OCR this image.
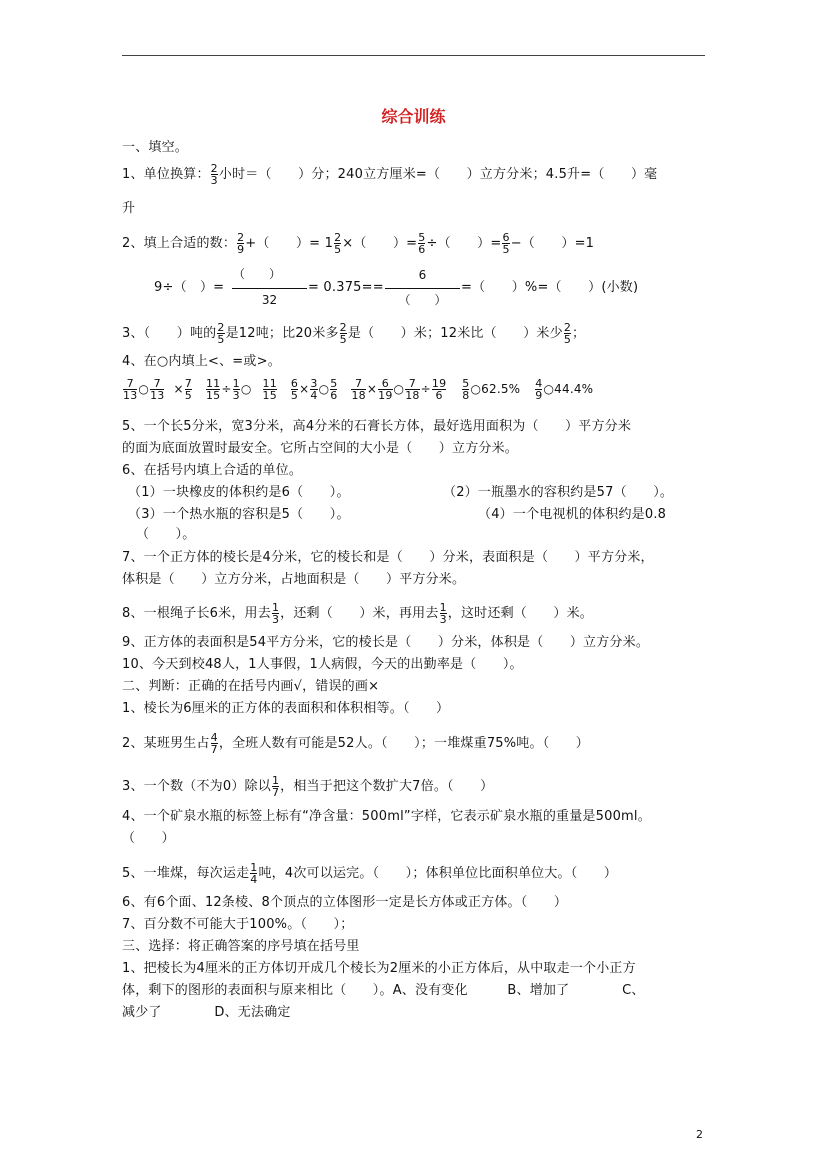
综合训练
一、填空。
1、单位换算： $\frac{2}{3}$ 小时＝（　　）分；240立方厘米=（　　）立方分米；4.5升=（　　）毫
升
2、填上合适的数： $\frac{2}{9}$ +（　　）= $1 \frac{2}{5}$ ×（　　）= $\frac{5}{6}$ ÷（　　）= $\frac{6}{5}$ −（　　）=1
9÷（　）=
（　　）
32
= 0.375==
6
（　　）
=（　　）%=（　　）(小数)
3、（　　）吨的 $\frac{2}{5}$ 是12吨；比20米多 $\frac{2}{5}$ 是（　　）米；12米比（　　）米少 $\frac{2}{5}$ ；
4、在○内填上<、=或>。
$\frac{7}{13}$ ○ $\frac{7}{13} \times \frac{7}{5} \frac{11}{15} \div \frac{1}{3}$ ○ $\frac{11}{15} \frac{6}{5} \times \frac{3}{4}$ ○ $\frac{5}{6} \frac{7}{18} \times \frac{6}{19}$ ○ $\frac{7}{18} \div \frac{19}{6} \frac{5}{8}$ ○62.5% $\frac{4}{9}$ ○44.4%
5、一个长5分米，宽3分米，高4分米的石膏长方体，最好选用面积为（　　）平方分米
的面为底面放置时最安全。它所占空间的大小是（　　）立方分米。
6、在括号内填上合适的单位。
（1）一块橡皮的体积约是6（　　）。	（2）一瓶墨水的容积约是57（　　）。
（3）一个热水瓶的容积是5（　　）。	（4）一个电视机的体积约是0.8
（　　）。
7、一个正方体的棱长是4分米，它的棱长和是（　　）分米，表面积是（　　）平方分米，
体积是（　　）立方分米，占地面积是（　　）平方分米。
8、一根绳子长6米，用去 $\frac{1}{3}$ ，还剩（　　）米，再用去 $\frac{1}{3}$ ，这时还剩（　　）米。
9、正方体的表面积是54平方分米，它的棱长是（　　）分米，体积是（　　）立方分米。
10、今天到校48人，1人事假，1人病假，今天的出勤率是（　　）。
二、判断：正确的在括号内画√，错误的画×
1、棱长为6厘米的正方体的表面积和体积相等。（　　）
2、某班男生占 $\frac{4}{7}$ ，全班人数有可能是52人。（　　）；一堆煤重75%吨。（　　）
3、一个数（不为0）除以 $\frac{1}{7}$ ，相当于把这个数扩大7倍。（　　）
4、一个矿泉水瓶的标签上标有“净含量：500ml”字样，它表示矿泉水瓶的重量是500ml。
（　　）
5、一堆煤，每次运走 $\frac{1}{4}$ 吨，4次可以运完。（　　）；体积单位比面积单位大。（　　）
6、有6个面、12条棱、8个顶点的立体图形一定是长方体或正方体。（　　）
7、百分数不可能大于100%。（　　）；
三、选择：将正确答案的序号填在括号里
1、把棱长为4厘米的正方体切开成几个棱长为2厘米的小正方体后，从中取走一个小正方
体，剩下的图形的表面积与原来相比（　　）。A、没有变化　　　B、增加了　　　　C、
减少了　　　　D、无法确定
2
